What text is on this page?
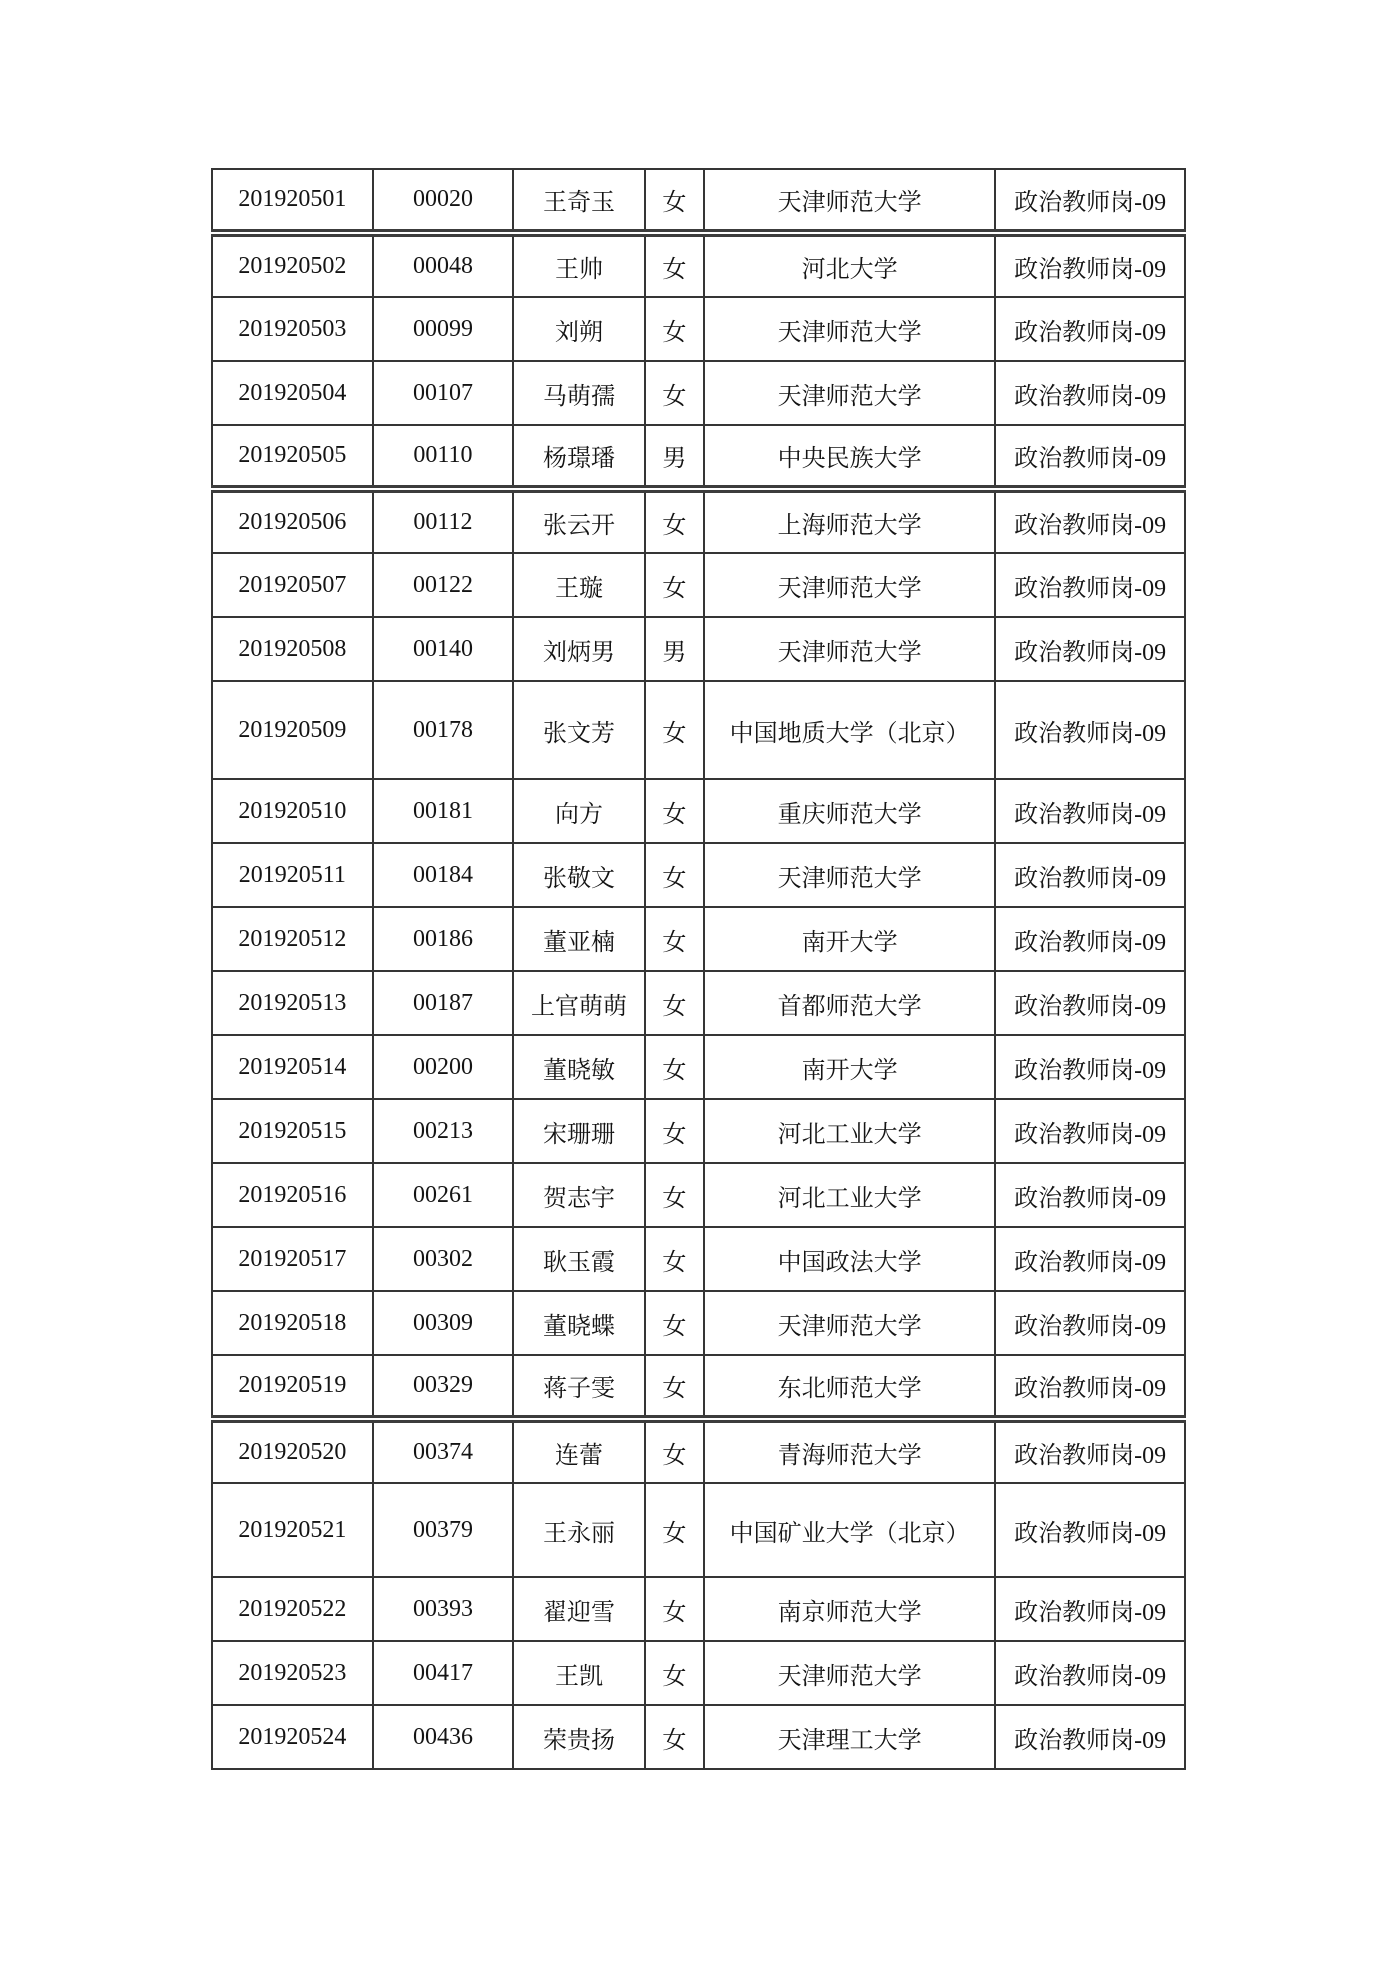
201920501	00020	王奇玉	女	天津师范大学	政治教师岗-09
201920502	00048	王帅	女	河北大学	政治教师岗-09
201920503	00099	刘朔	女	天津师范大学	政治教师岗-09
201920504	00107	马萌孺	女	天津师范大学	政治教师岗-09
201920505	00110	杨璟璠	男	中央民族大学	政治教师岗-09
201920506	00112	张云开	女	上海师范大学	政治教师岗-09
201920507	00122	王璇	女	天津师范大学	政治教师岗-09
201920508	00140	刘炳男	男	天津师范大学	政治教师岗-09
201920509	00178	张文芳	女	中国地质大学（北京）	政治教师岗-09
201920510	00181	向方	女	重庆师范大学	政治教师岗-09
201920511	00184	张敬文	女	天津师范大学	政治教师岗-09
201920512	00186	董亚楠	女	南开大学	政治教师岗-09
201920513	00187	上官萌萌	女	首都师范大学	政治教师岗-09
201920514	00200	董晓敏	女	南开大学	政治教师岗-09
201920515	00213	宋珊珊	女	河北工业大学	政治教师岗-09
201920516	00261	贺志宇	女	河北工业大学	政治教师岗-09
201920517	00302	耿玉霞	女	中国政法大学	政治教师岗-09
201920518	00309	董晓蝶	女	天津师范大学	政治教师岗-09
201920519	00329	蒋子雯	女	东北师范大学	政治教师岗-09
201920520	00374	连蕾	女	青海师范大学	政治教师岗-09
201920521	00379	王永丽	女	中国矿业大学（北京）	政治教师岗-09
201920522	00393	翟迎雪	女	南京师范大学	政治教师岗-09
201920523	00417	王凯	女	天津师范大学	政治教师岗-09
201920524	00436	荣贵扬	女	天津理工大学	政治教师岗-09
